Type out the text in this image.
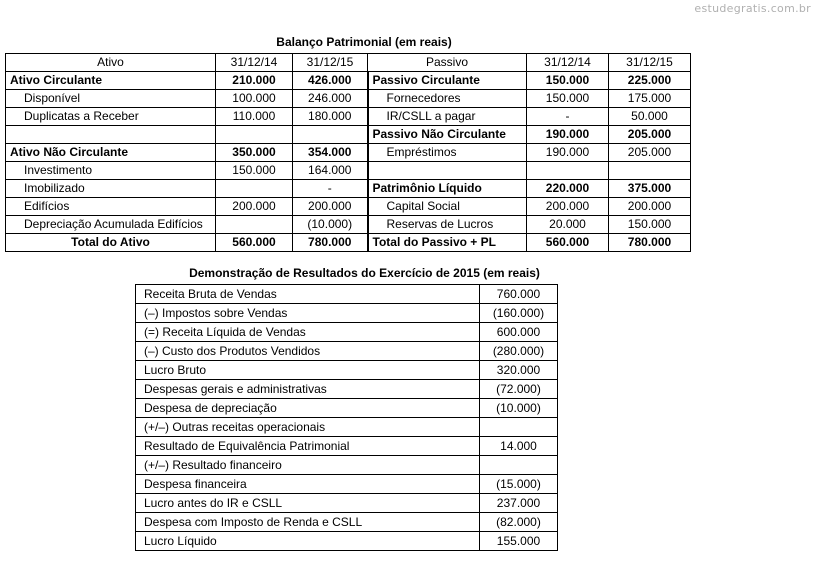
estudegratis.com.br
Balanço Patrimonial (em reais)
Ativo	31/12/14	31/12/15	Passivo	31/12/14	31/12/15
Ativo Circulante	210.000	426.000	Passivo Circulante	150.000	225.000
Disponível	100.000	246.000	Fornecedores	150.000	175.000
Duplicatas a Receber	110.000	180.000	IR/CSLL a pagar	-	50.000
			Passivo Não Circulante	190.000	205.000
Ativo Não Circulante	350.000	354.000	Empréstimos	190.000	205.000
Investimento	150.000	164.000			
Imobilizado		-	Patrimônio Líquido	220.000	375.000
Edifícios	200.000	200.000	Capital Social	200.000	200.000
Depreciação Acumulada Edifícios		(10.000)	Reservas de Lucros	20.000	150.000
Total do Ativo	560.000	780.000	Total do Passivo + PL	560.000	780.000
Demonstração de Resultados do Exercício de 2015 (em reais)
Receita Bruta de Vendas	760.000
(–) Impostos sobre Vendas	(160.000)
(=) Receita Líquida de Vendas	600.000
(–) Custo dos Produtos Vendidos	(280.000)
Lucro Bruto	320.000
Despesas gerais e administrativas	(72.000)
Despesa de depreciação	(10.000)
(+/–) Outras receitas operacionais	
Resultado de Equivalência Patrimonial	14.000
(+/–) Resultado financeiro	
Despesa financeira	(15.000)
Lucro antes do IR e CSLL	237.000
Despesa com Imposto de Renda e CSLL	(82.000)
Lucro Líquido	155.000
